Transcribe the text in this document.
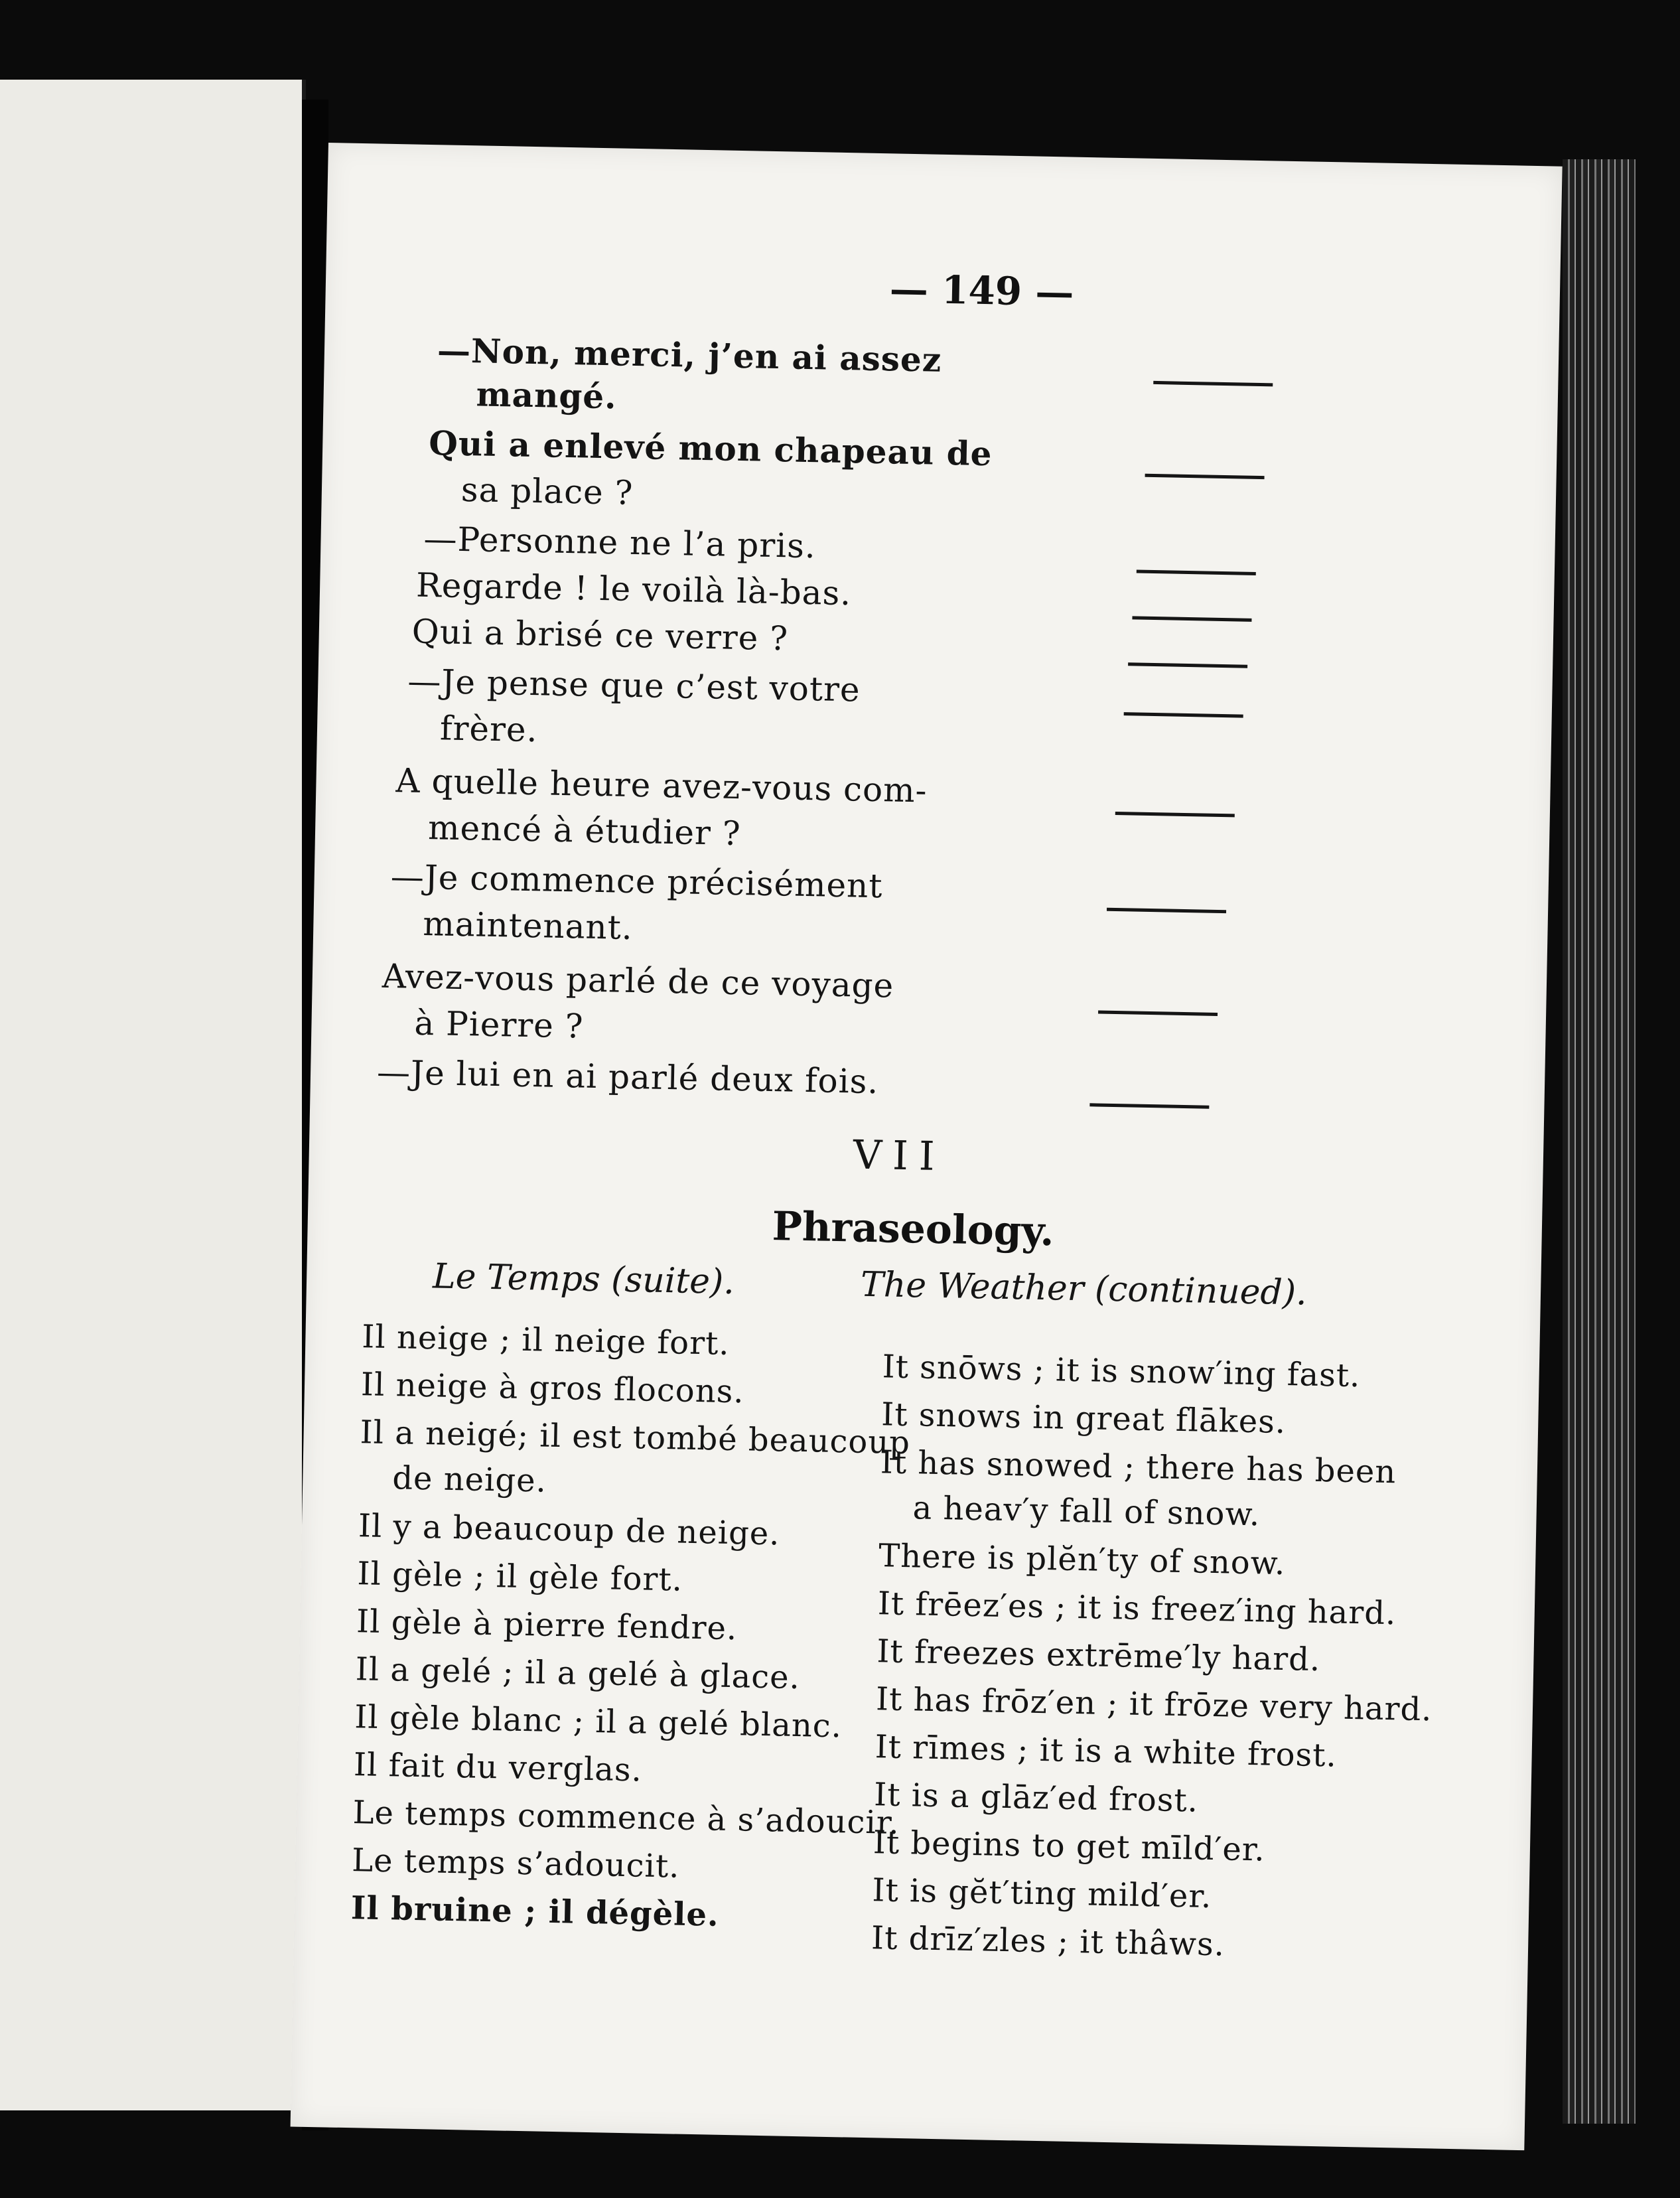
— 149 —
—Non, merci, j’en ai assez
mangé.
Qui a enlevé mon chapeau de
sa place ?
—Personne ne l’a pris.
Regarde ! le voilà là-bas.
Qui a brisé ce verre ?
—Je pense que c’est votre
frère.
A quelle heure avez-vous com-
mencé à étudier ?
—Je commence précisément
maintenant.
Avez-vous parlé de ce voyage
à Pierre ?
—Je lui en ai parlé deux fois.
VII
Phraseology.
Le Temps (suite).	The Weather (continued).
Il neige ; il neige fort.
Il neige à gros flocons.
Il a neigé; il est tombé beaucoup
de neige.
Il y a beaucoup de neige.
Il gèle ; il gèle fort.
Il gèle à pierre fendre.
Il a gelé ; il a gelé à glace.
Il gèle blanc ; il a gelé blanc.
Il fait du verglas.
Le temps commence à s’adoucir.
Le temps s’adoucit.
Il bruine ; il dégèle.
It snōws ; it is snow′ing fast.
It snows in great flākes.
It has snowed ; there has been
a heav′y fall of snow.
There is plĕn′ty of snow.
It frēez′es ; it is freez′ing hard.
It freezes extrēme′ly hard.
It has frōz′en ; it frōze very hard.
It rīmes ; it is a white frost.
It is a glāz′ed frost.
It begins to get mīld′er.
It is gĕt′ting mild′er.
It drīz′zles ; it thâws.
